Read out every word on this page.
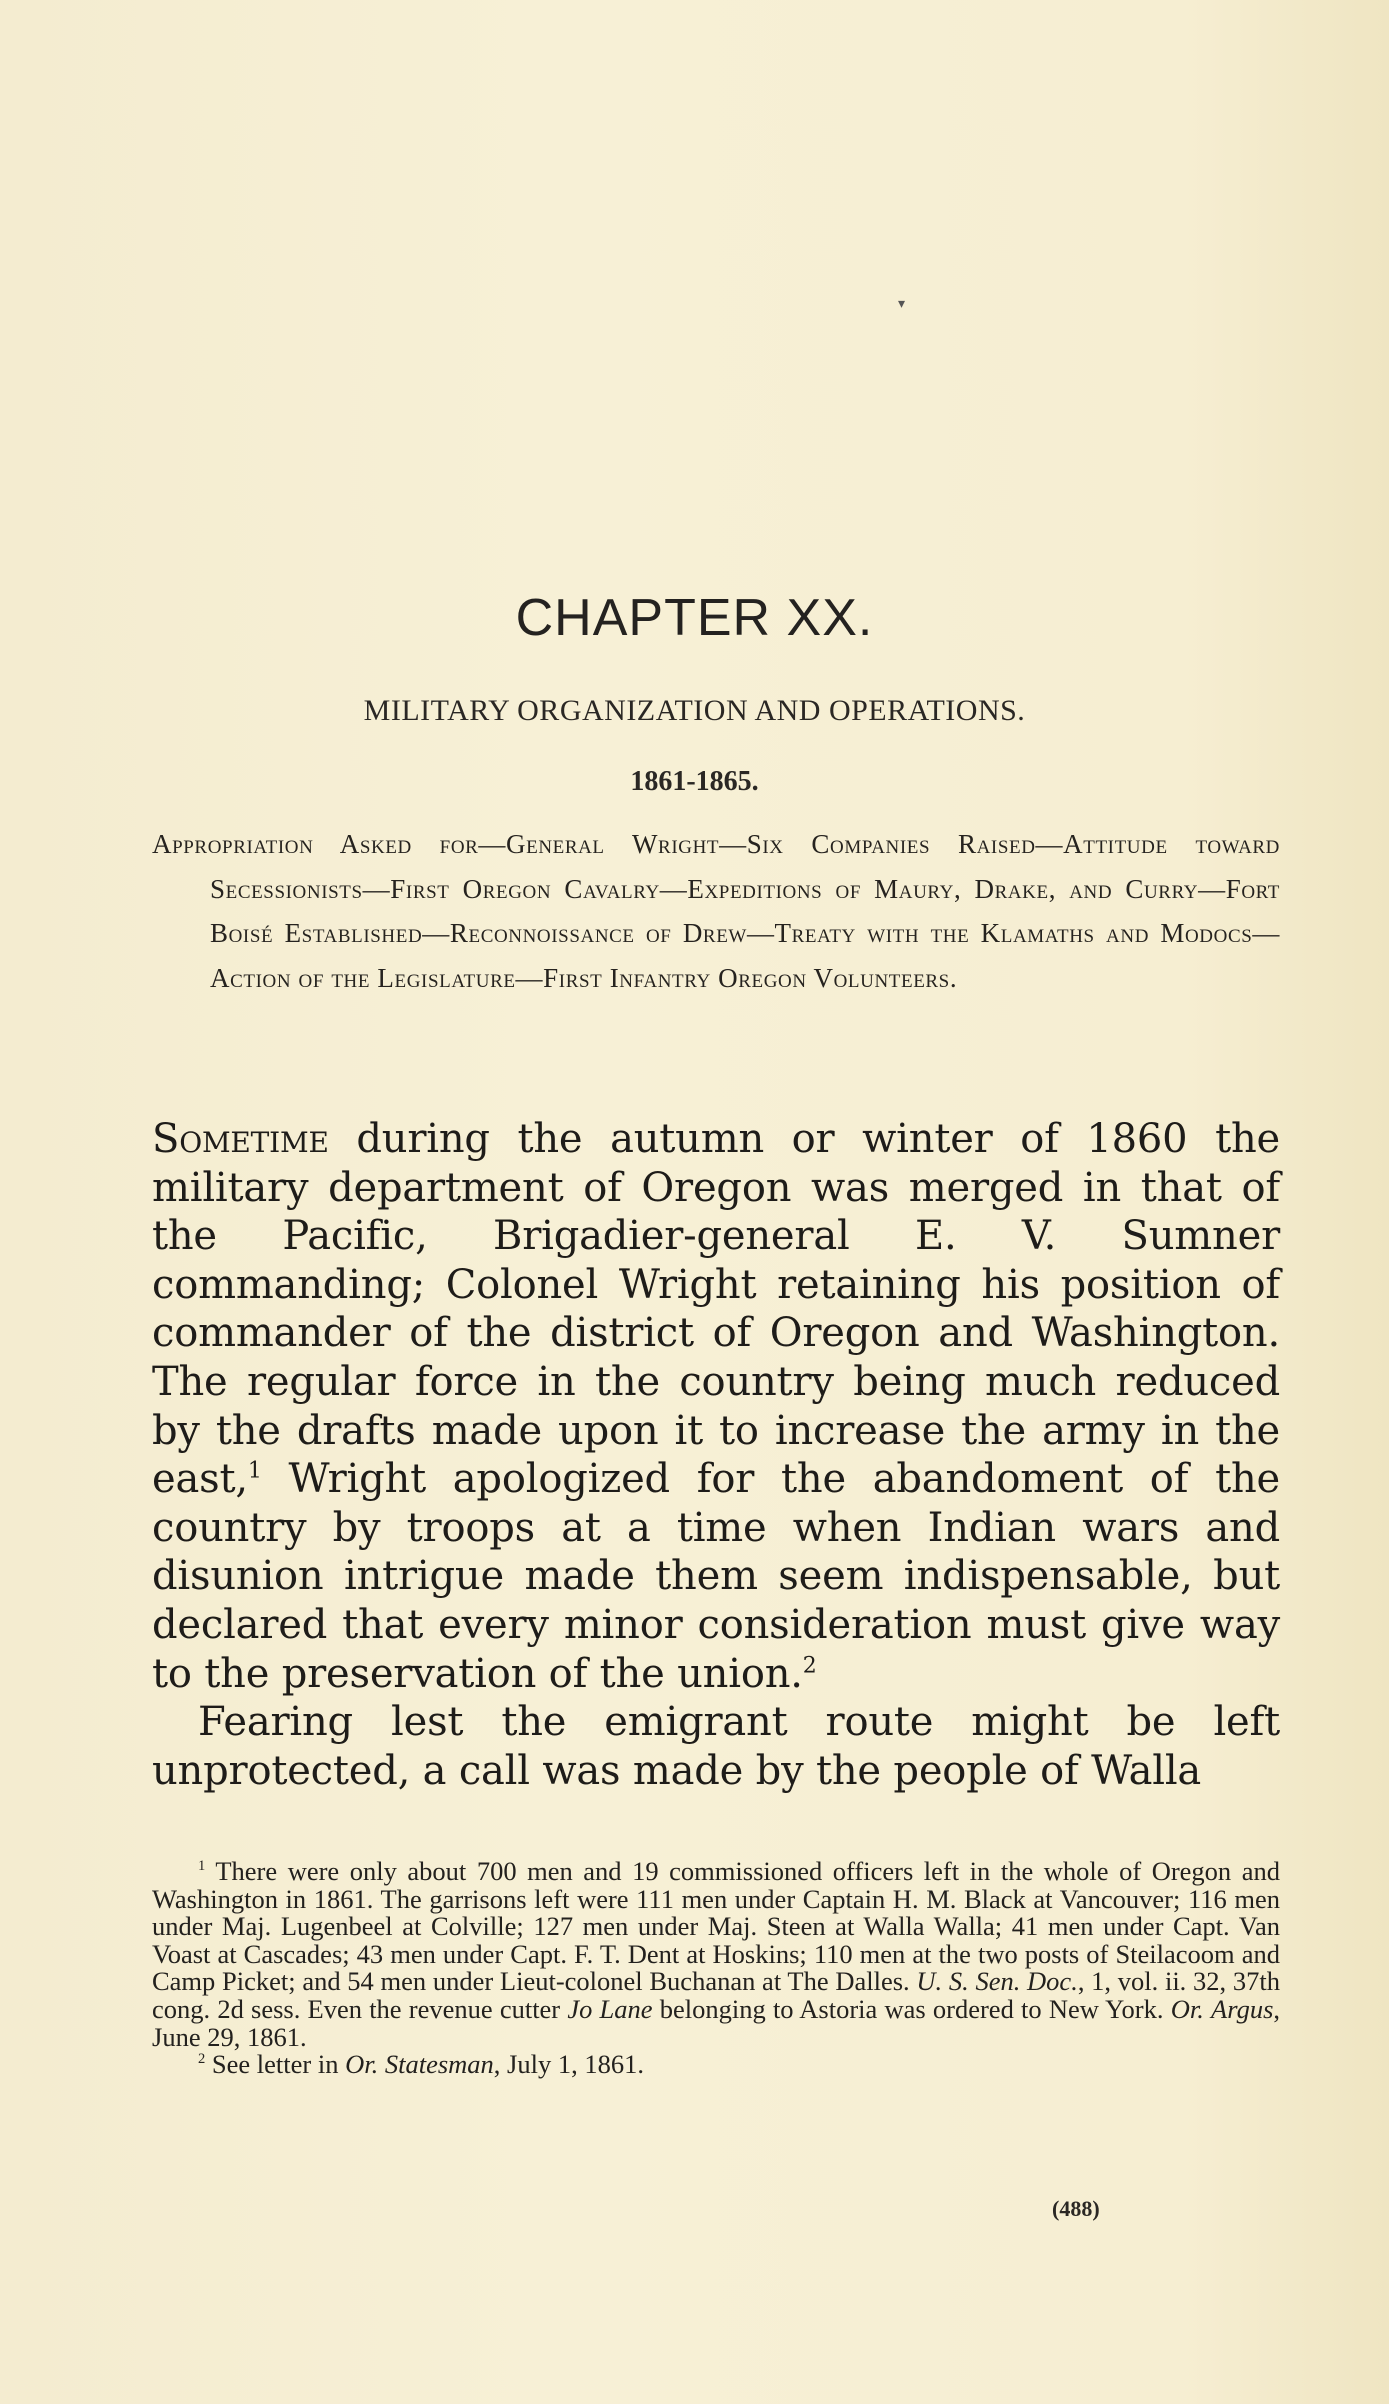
▾
CHAPTER XX.
MILITARY ORGANIZATION AND OPERATIONS.
1861-1865.
Appropriation Asked for—General Wright—Six Companies Raised—Attitude toward Secessionists—First Oregon Cavalry—Expeditions of Maury, Drake, and Curry—Fort Boisé Established—Reconnoissance of Drew—Treaty with the Klamaths and Modocs—Action of the Legislature—First Infantry Oregon Volunteers.

Sometime during the autumn or winter of 1860 the military department of Oregon was merged in that of the Pacific, Brigadier-general E. V. Sumner commanding; Colonel Wright retaining his position of commander of the district of Oregon and Washington. The regular force in the country being much reduced by the drafts made upon it to increase the army in the east,$^1$ Wright apologized for the abandoment of the country by troops at a time when Indian wars and disunion intrigue made them seem indispensable, but declared that every minor consideration must give way to the preservation of the union.$^2$

Fearing lest the emigrant route might be left unprotected, a call was made by the people of Walla

$^1$ There were only about 700 men and 19 commissioned officers left in the whole of Oregon and Washington in 1861. The garrisons left were 111 men under Captain H. M. Black at Vancouver; 116 men under Maj. Lugenbeel at Colville; 127 men under Maj. Steen at Walla Walla; 41 men under Capt. Van Voast at Cascades; 43 men under Capt. F. T. Dent at Hoskins; 110 men at the two posts of Steilacoom and Camp Picket; and 54 men under Lieut-colonel Buchanan at The Dalles. U. S. Sen. Doc., 1, vol. ii. 32, 37th cong. 2d sess. Even the revenue cutter Jo Lane belonging to Astoria was ordered to New York. Or. Argus, June 29, 1861.

$^2$ See letter in Or. Statesman, July 1, 1861.

(488)
